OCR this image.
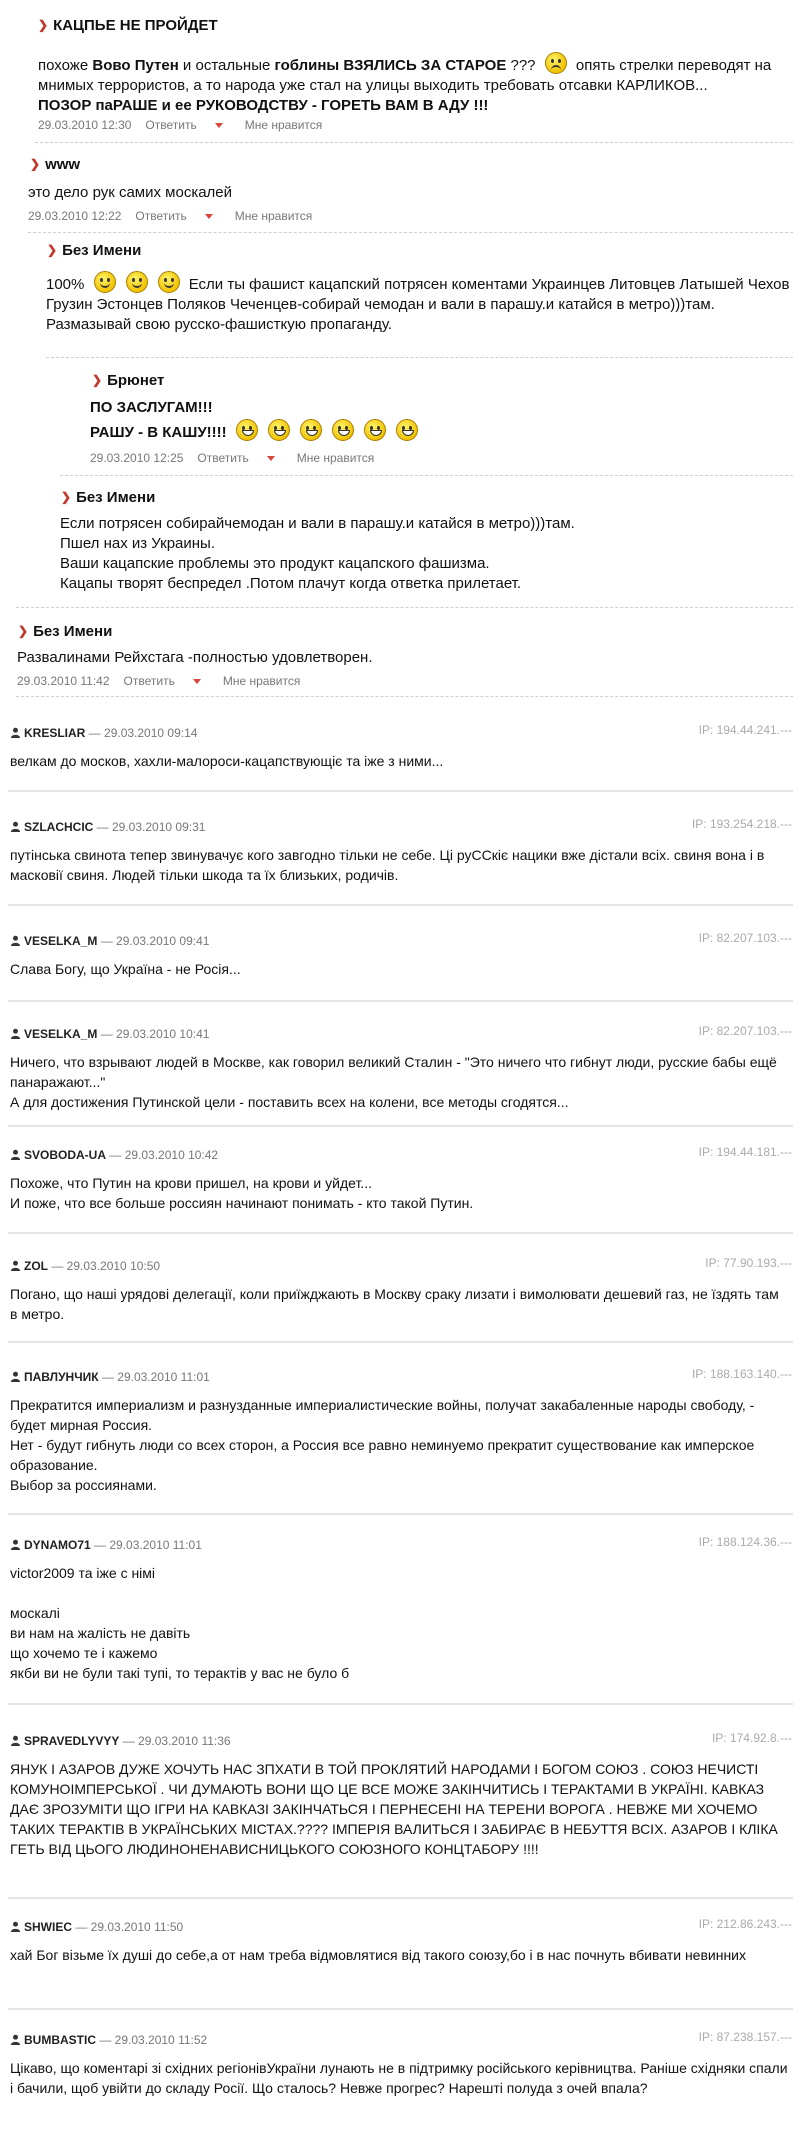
❯ КАЦПЬЕ НЕ ПРОЙДЕТ
похоже Вово Путен и остальные гоблины ВЗЯЛИСЬ ЗА СТАРОЕ ???  опять стрелки переводят на мнимых террористов, а то народа уже стал на улицы выходить требовать отсавки КАРЛИКОВ...
ПОЗОР паРАШЕ и ее РУКОВОДСТВУ - ГОРЕТЬ ВАМ В АДУ !!!
29.03.2010 12:30 Ответить	Мне нравится
❯ www
это дело рук самих москалей
29.03.2010 12:22 Ответить	Мне нравится
❯ Без Имени
100%	Если ты фашист кацапский потрясен коментами Украинцев Литовцев Латышей Чехов Грузин Эстонцев Поляков Чеченцев-собирай чемодан и вали в парашу.и катайся в метро)))там.
Размазывай свою русско-фашисткую пропаганду.
❯ Брюнет
ПО ЗАСЛУГАМ!!!
РАШУ - В КАШУ!!!!
29.03.2010 12:25 Ответить	Мне нравится
❯ Без Имени
Если потрясен собирайчемодан и вали в парашу.и катайся в метро)))там.
Пшел нах из Украины.
Ваши кацапские проблемы это продукт кацапского фашизма.
Кацапы творят беспредел .Потом плачут когда ответка прилетает.
❯ Без Имени
Развалинами Рейхстага -полностью удовлетворен.
29.03.2010 11:42 Ответить	Мне нравится
KRESLIAR — 29.03.2010 09:14	IP: 194.44.241.---
велкам до москов, хахли-малороси-кацапствующіє та іже з ними...
SZLACHCIC — 29.03.2010 09:31	IP: 193.254.218.---
путінська свинота тепер звинувачує кого завгодно тільки не себе. Ці руССкіє нацики вже дістали всіх. свиня вона і в масковії свиня. Людей тільки шкода та їх близьких, родичів.
VESELKA_M — 29.03.2010 09:41	IP: 82.207.103.---
Слава Богу, що Україна - не Росія...
VESELKA_M — 29.03.2010 10:41	IP: 82.207.103.---
Ничего, что взрывают людей в Москве, как говорил великий Сталин - "Это ничего что гибнут люди, русские бабы ещё панаражают..."
А для достижения Путинской цели - поставить всех на колени, все методы сгодятся...
SVOBODA-UA — 29.03.2010 10:42	IP: 194.44.181.---
Похоже, что Путин на крови пришел, на крови и уйдет...
И поже, что все больше россиян начинают понимать - кто такой Путин.
ZOL — 29.03.2010 10:50	IP: 77.90.193.---
Погано, що наші урядові делегації, коли приїжджають в Москву сраку лизати і вимолювати дешевий газ, не їздять там в метро.
ПАВЛУНЧИК — 29.03.2010 11:01	IP: 188.163.140.---
Прекратится империализм и разнузданные империалистические войны, получат закабаленные народы свободу, - будет мирная Россия.
Нет - будут гибнуть люди со всех сторон, а Россия все равно неминуемо прекратит существование как имперское образование.
Выбор за россиянами.
DYNAMO71 — 29.03.2010 11:01	IP: 188.124.36.---
victor2009 та іже с німі

москалі
ви нам на жалість не давіть
що хочемо те і кажемо
якби ви не були такі тупі, то терактів у вас не було б
SPRAVEDLYVYY — 29.03.2010 11:36	IP: 174.92.8.---
ЯНУК І АЗАРОВ ДУЖЕ ХОЧУТЬ НАС ЗПХАТИ В ТОЙ ПРОКЛЯТИЙ НАРОДАМИ І БОГОМ СОЮЗ . СОЮЗ НЕЧИСТІ КОМУНОІМПЕРСЬКОЇ . ЧИ ДУМАЮТЬ ВОНИ ЩО ЦЕ ВСЕ МОЖЕ ЗАКІНЧИТИСЬ І ТЕРАКТАМИ В УКРАЇНІ. КАВКАЗ ДАЄ ЗРОЗУМІТИ ЩО ІГРИ НА КАВКАЗІ ЗАКІНЧАТЬСЯ І ПЕРНЕСЕНІ НА ТЕРЕНИ ВОРОГА . НЕВЖЕ МИ ХОЧЕМО ТАКИХ ТЕРАКТІВ В УКРАЇНСЬКИХ МІСТАХ.???? ІМПЕРІЯ ВАЛИТЬСЯ І ЗАБИРАЄ В НЕБУТТЯ ВСІХ. АЗАРОВ І КЛІКА ГЕТЬ ВІД ЦЬОГО ЛЮДИНОНЕНАВИСНИЦЬКОГО СОЮЗНОГО КОНЦТАБОРУ !!!!
SHWIEC — 29.03.2010 11:50	IP: 212.86.243.---
хай Бог візьме їх душі до себе,а от нам треба відмовлятися від такого союзу,бо і в нас почнуть вбивати невинних
BUMBASTIC — 29.03.2010 11:52	IP: 87.238.157.---
Цікаво, що коментарі зі східних регіонівУкраїни лунають не в підтримку російського керівництва. Раніше східняки спали і бачили, щоб увійти до складу Росії. Що сталось? Невже прогрес? Нарешті полуда з очей впала?
